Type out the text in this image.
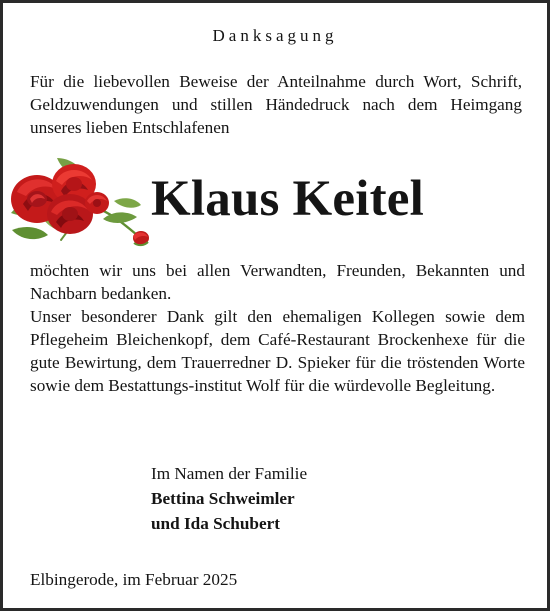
Danksagung

Für die liebevollen Beweise der Anteilnahme durch Wort, Schrift, Geldzuwendungen und stillen Händedruck nach dem Heimgang unseres lieben Entschlafenen

Klaus Keitel

möchten wir uns bei allen Verwandten, Freunden, Bekannten und Nachbarn bedanken.

Unser besonderer Dank gilt den ehemaligen Kollegen sowie dem Pflegeheim Bleichenkopf, dem Café-Restaurant Brockenhexe für die gute Bewirtung, dem Trauerredner D. Spieker für die tröstenden Worte sowie dem Bestattungs-institut Wolf für die würdevolle Begleitung.

Im Namen der Familie
Bettina Schweimler
und Ida Schubert
Elbingerode, im Februar 2025
